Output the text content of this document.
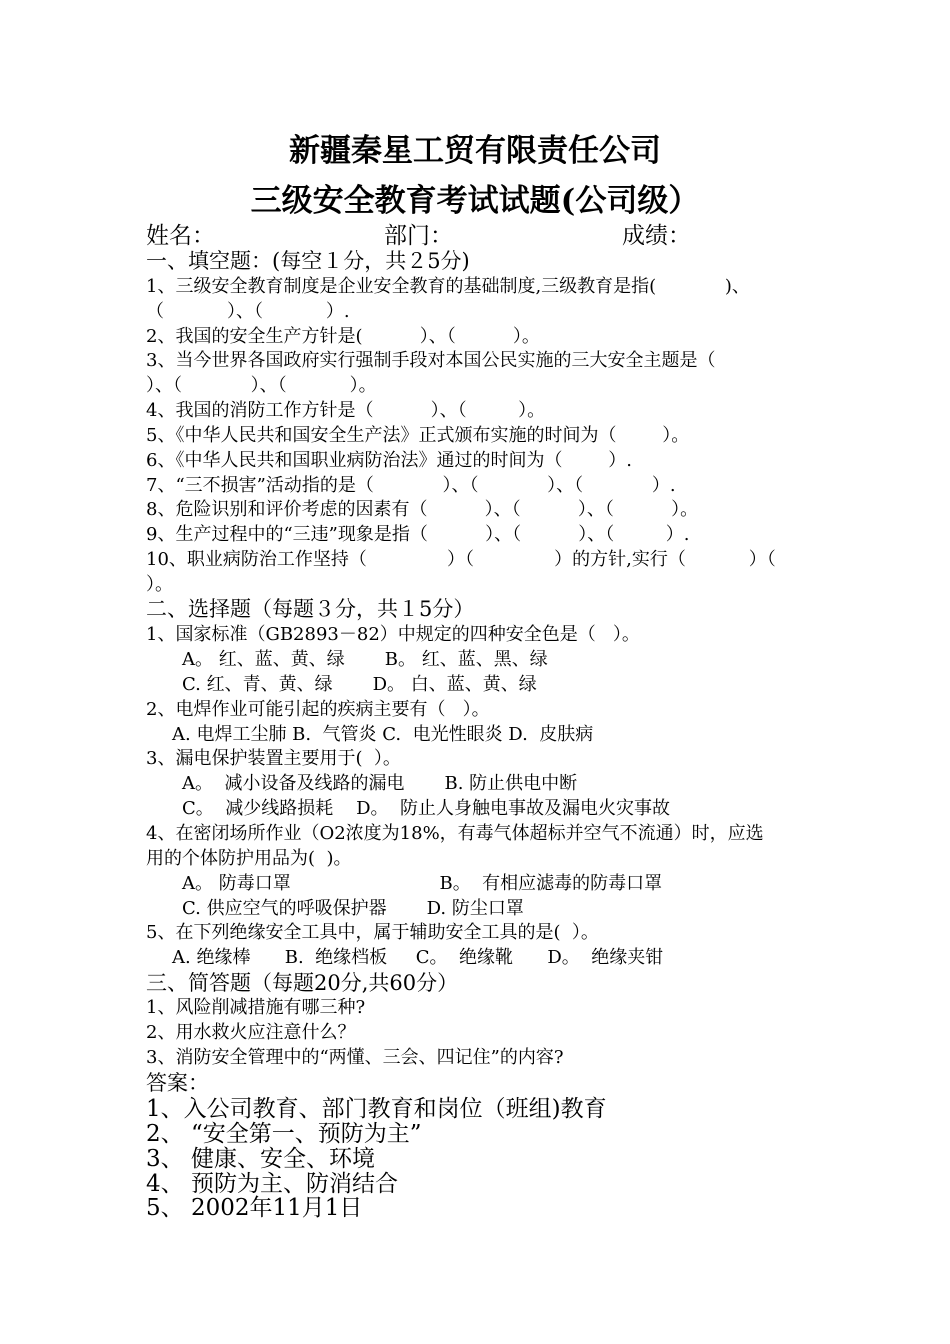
新疆秦星工贸有限责任公司
三级安全教育考试试题(公司级）
姓名：	部门：	成绩：
一、填空题：(每空１分，共２5分)
1、三级安全教育制度是企业安全教育的基础制度,三级教育是指(            )、
（           ）、（           ）.
2、我国的安全生产方针是(          ）、（          ）。
3、当今世界各国政府实行强制手段对本国公民实施的三大安全主题是（
）、（            ）、（           ）。
4、我国的消防工作方针是（          ）、（         ）。
5、《中华人民共和国安全生产法》正式颁布实施的时间为（        ）。
6、《中华人民共和国职业病防治法》通过的时间为（        ）.
7、“三不损害”活动指的是（            ）、（            ）、（            ）.
8、危险识别和评价考虑的因素有（          ）、（          ）、（          ）。
9、生产过程中的“三违”现象是指（          ）、（          ）、（         ）.
10、职业病防治工作坚持（              ）（              ）的方针,实行（           ）（
）。
二、选择题（每题３分，共１5分）
1、国家标准（GB2893－82）中规定的四种安全色是（   ）。
A。 红、蓝、黄、绿       B。 红、蓝、黑、绿
C. 红、青、黄、绿       D。 白、蓝、黄、绿
2、电焊作业可能引起的疾病主要有（   ）。
A. 电焊工尘肺 B.  气管炎 C.  电光性眼炎 D.  皮肤病
3、漏电保护装置主要用于(  ）。
A。  减小设备及线路的漏电       B. 防止供电中断
C。  减少线路损耗    D。  防止人身触电事故及漏电火灾事故
4、在密闭场所作业（O2浓度为18%，有毒气体超标并空气不流通）时，应选
用的个体防护用品为(  )。
A。 防毒口罩                          B。  有相应滤毒的防毒口罩
C. 供应空气的呼吸保护器       D. 防尘口罩
5、在下列绝缘安全工具中，属于辅助安全工具的是(  ）。
A. 绝缘棒      B.  绝缘档板     C。  绝缘靴      D。  绝缘夹钳
三、简答题（每题20分,共60分）
1、风险削减措施有哪三种?
2、用水救火应注意什么？
3、消防安全管理中的“两懂、三会、四记住”的内容?
答案：
1、入公司教育、部门教育和岗位（班组)教育
2、 “安全第一、预防为主”
3、 健康、安全、环境
4、 预防为主、防消结合
5、 2002年11月1日
